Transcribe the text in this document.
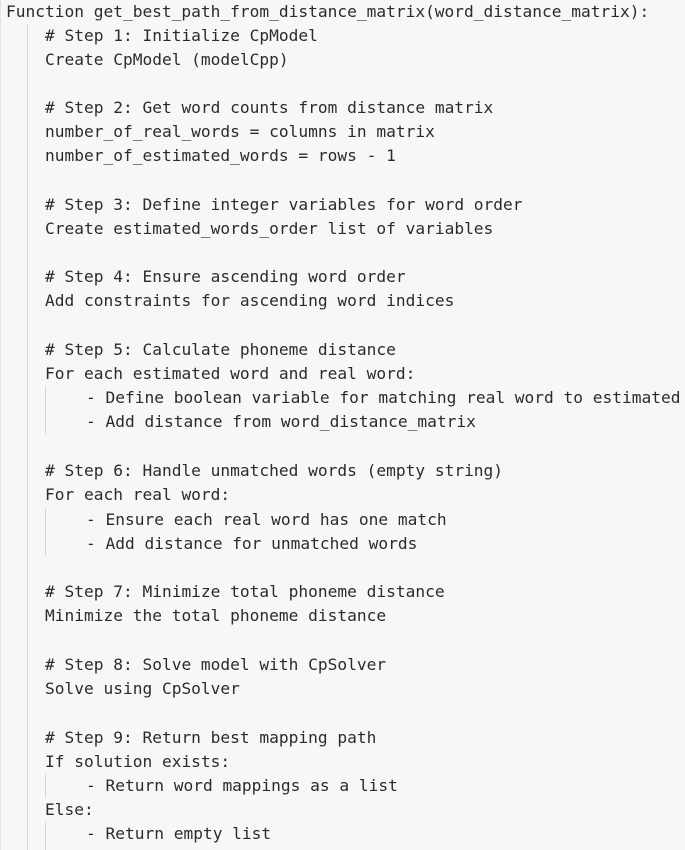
Function get_best_path_from_distance_matrix(word_distance_matrix):

# Step 1: Initialize CpModel

Create CpModel (modelCpp)

# Step 2: Get word counts from distance matrix

number_of_real_words = columns in matrix

number_of_estimated_words = rows - 1

# Step 3: Define integer variables for word order

Create estimated_words_order list of variables

# Step 4: Ensure ascending word order

Add constraints for ascending word indices

# Step 5: Calculate phoneme distance

For each estimated word and real word:

- Define boolean variable for matching real word to estimated

- Add distance from word_distance_matrix

# Step 6: Handle unmatched words (empty string)

For each real word:

- Ensure each real word has one match

- Add distance for unmatched words

# Step 7: Minimize total phoneme distance

Minimize the total phoneme distance

# Step 8: Solve model with CpSolver

Solve using CpSolver

# Step 9: Return best mapping path

If solution exists:

- Return word mappings as a list

Else:

- Return empty list
